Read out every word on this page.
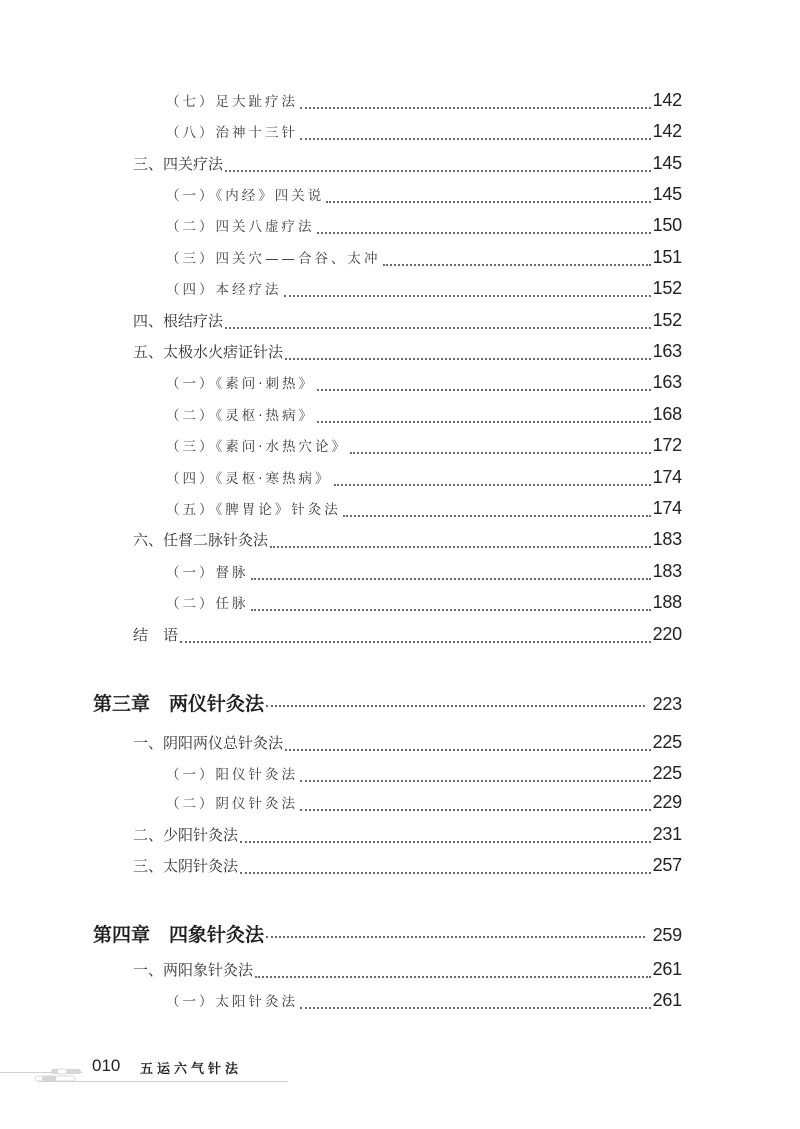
（七）足大趾疗法	142
（八）治神十三针	142
三、四关疗法	145
（一）《内经》四关说	145
（二）四关八虚疗法	150
（三）四关穴——合谷、太冲	151
（四）本经疗法	152
四、根结疗法	152
五、太极水火痞证针法	163
（一）《素问·刺热》	163
（二）《灵枢·热病》	168
（三）《素问·水热穴论》	172
（四）《灵枢·寒热病》	174
（五）《脾胃论》针灸法	174
六、任督二脉针灸法	183
（一）督脉	183
（二）任脉	188
结　语	220
第三章　两仪针灸法	223
一、阴阳两仪总针灸法	225
（一）阳仪针灸法	225
（二）阴仪针灸法	229
二、少阳针灸法	231
三、太阴针灸法	257
第四章　四象针灸法	259
一、两阳象针灸法	261
（一）太阳针灸法	261
010 五运六气针法
